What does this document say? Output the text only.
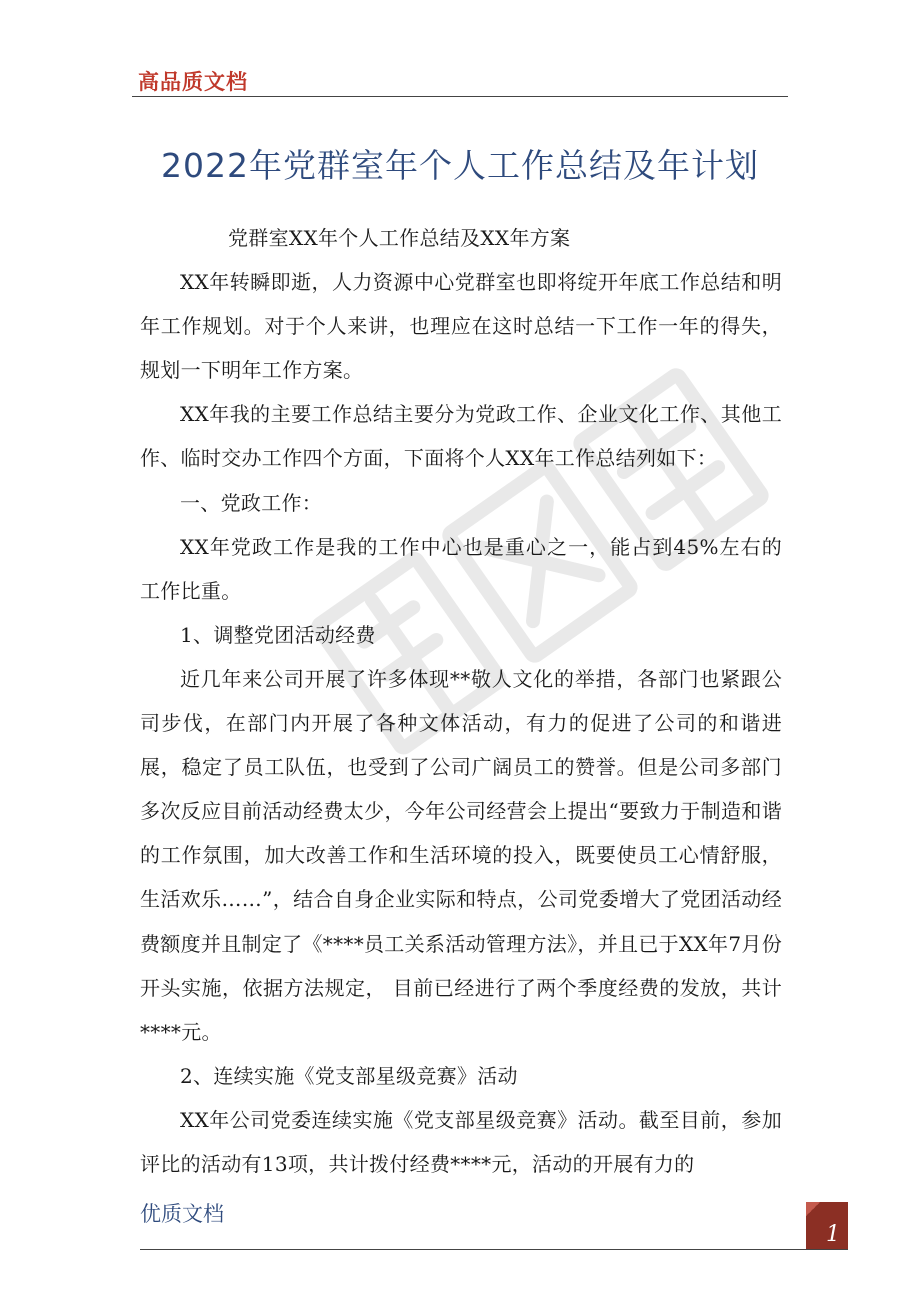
高品质文档
2022年党群室年个人工作总结及年计划

党群室XX年个人工作总结及XX年方案

XX年转瞬即逝，人力资源中心党群室也即将绽开年底工作总结和明年工作规划。对于个人来讲，也理应在这时总结一下工作一年的得失，规划一下明年工作方案。

XX年我的主要工作总结主要分为党政工作、企业文化工作、其他工作、临时交办工作四个方面，下面将个人XX年工作总结列如下：

一、党政工作：

XX年党政工作是我的工作中心也是重心之一，能占到45%左右的工作比重。

1、调整党团活动经费

近几年来公司开展了许多体现**敬人文化的举措，各部门也紧跟公司步伐，在部门内开展了各种文体活动，有力的促进了公司的和谐进展，稳定了员工队伍，也受到了公司广阔员工的赞誉。但是公司多部门多次反应目前活动经费太少，今年公司经营会上提出“要致力于制造和谐的工作氛围，加大改善工作和生活环境的投入，既要使员工心情舒服，生活欢乐……”，结合自身企业实际和特点，公司党委增大了党团活动经费额度并且制定了《****员工关系活动管理方法》，并且已于XX年7月份开头实施，依据方法规定， 目前已经进行了两个季度经费的发放，共计****元。

2、连续实施《党支部星级竞赛》活动

XX年公司党委连续实施《党支部星级竞赛》活动。截至目前，参加评比的活动有13项，共计拨付经费****元，活动的开展有力的

优质文档
1
